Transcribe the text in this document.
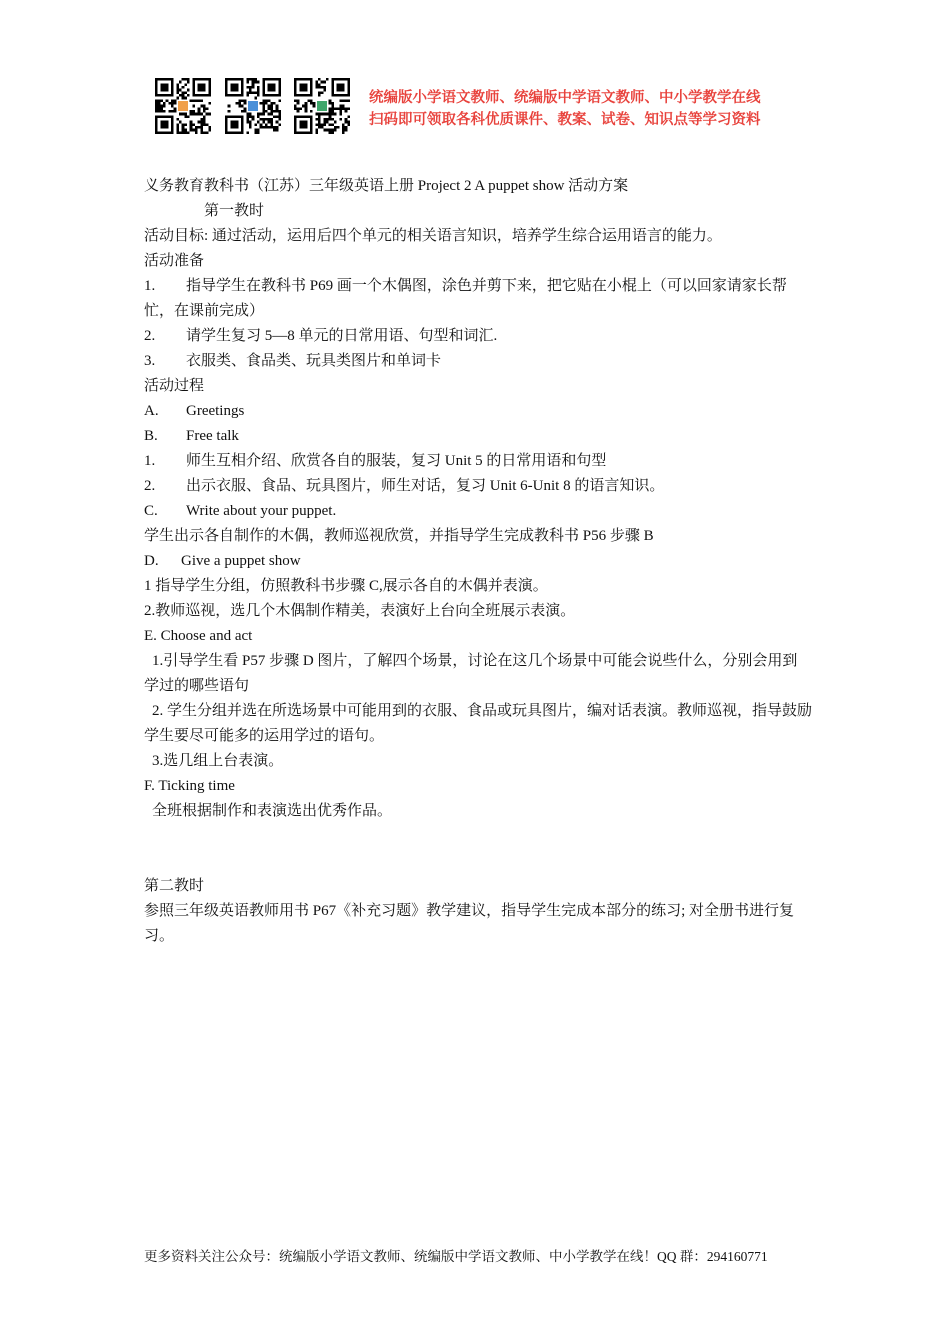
统编版小学语文教师、统编版中学语文教师、中小学教学在线
扫码即可领取各科优质课件、教案、试卷、知识点等学习资料

义务教育教科书（江苏）三年级英语上册 Project 2 A puppet show 活动方案

第一教时

活动目标: 通过活动，运用后四个单元的相关语言知识，培养学生综合运用语言的能力。

活动准备

1. 指导学生在教科书 P69 画一个木偶图，涂色并剪下来，把它贴在小棍上（可以回家请家长帮忙，在课前完成）

2. 请学生复习 5—8 单元的日常用语、句型和词汇.

3. 衣服类、食品类、玩具类图片和单词卡

活动过程

A. Greetings

B. Free talk

1. 师生互相介绍、欣赏各自的服装，复习 Unit 5 的日常用语和句型

2. 出示衣服、食品、玩具图片，师生对话，复习 Unit 6-Unit 8 的语言知识。

C. Write about your puppet.

学生出示各自制作的木偶，教师巡视欣赏，并指导学生完成教科书 P56 步骤 B

D. Give a puppet show

1 指导学生分组，仿照教科书步骤 C,展示各自的木偶并表演。

2.教师巡视，选几个木偶制作精美，表演好上台向全班展示表演。

E. Choose and act

1.引导学生看 P57 步骤 D 图片，了解四个场景，讨论在这几个场景中可能会说些什么，分别会用到学过的哪些语句

2. 学生分组并选在所选场景中可能用到的衣服、食品或玩具图片，编对话表演。教师巡视，指导鼓励学生要尽可能多的运用学过的语句。

3.选几组上台表演。

F. Ticking time

全班根据制作和表演选出优秀作品。

第二教时

参照三年级英语教师用书 P67《补充习题》教学建议，指导学生完成本部分的练习; 对全册书进行复习。

更多资料关注公众号：统编版小学语文教师、统编版中学语文教师、中小学教学在线！QQ 群：294160771
